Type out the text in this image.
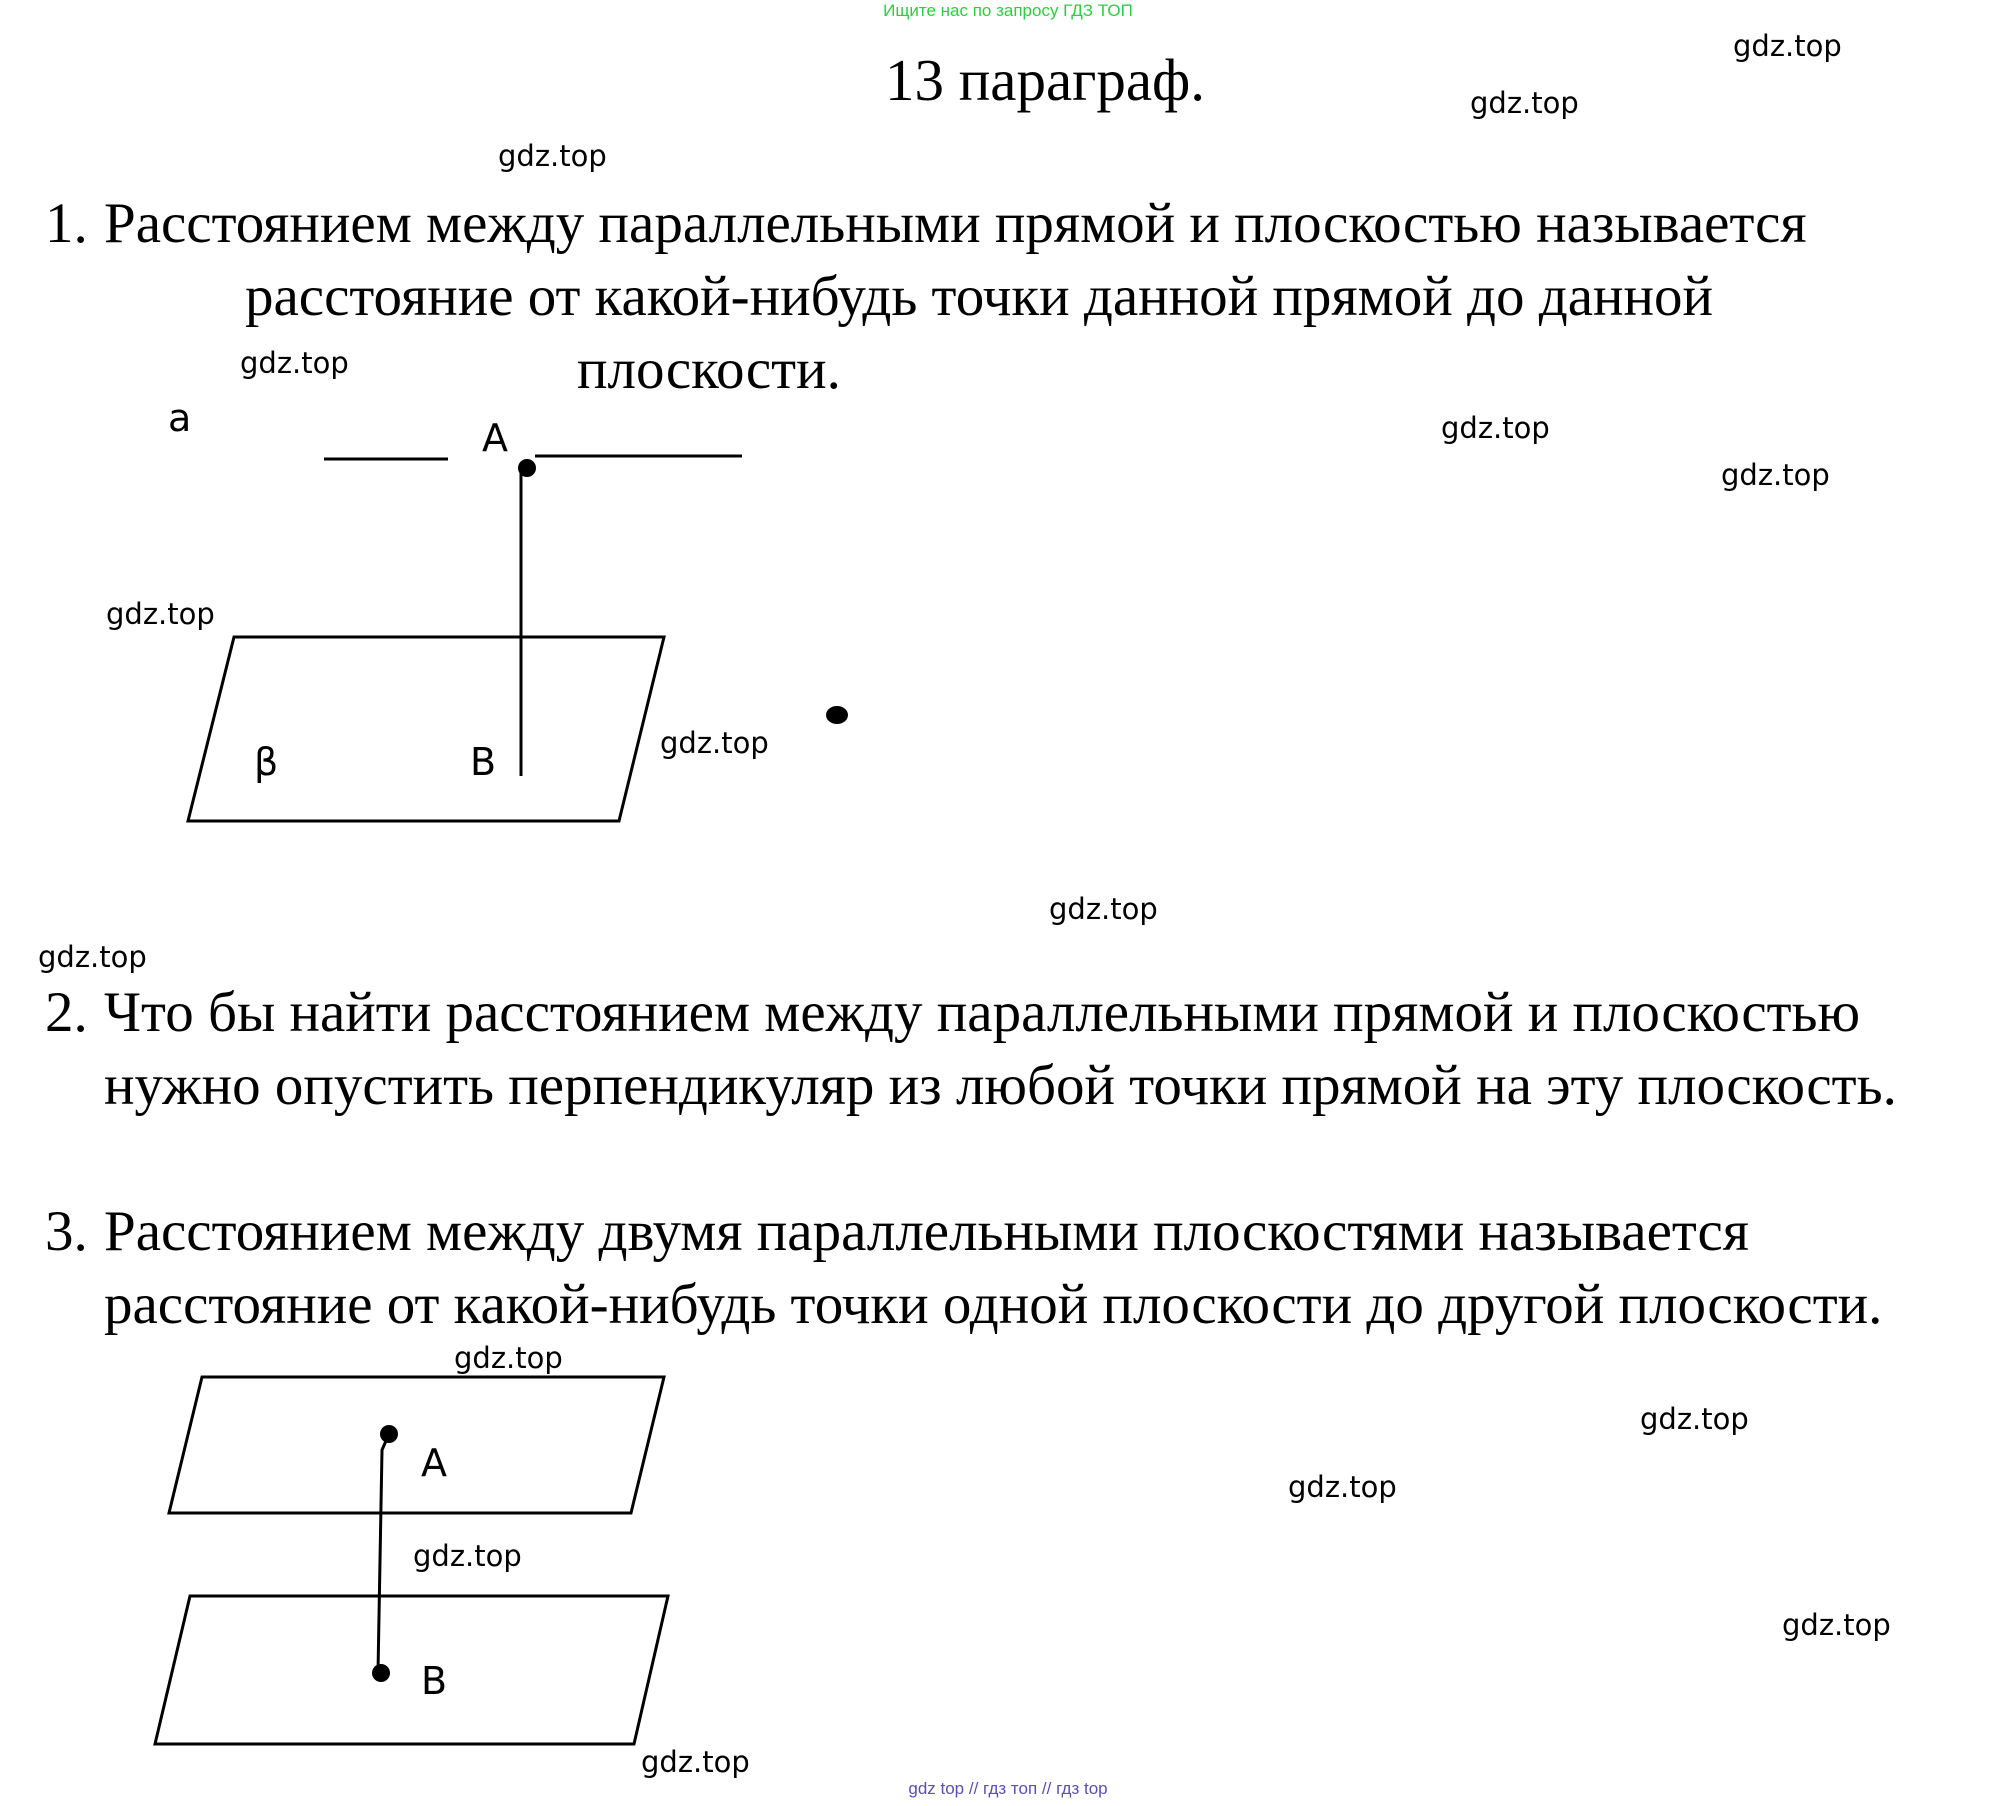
Ищите нас по запросу ГДЗ ТОП
13 параграф.
1. Расстоянием между параллельными прямой и плоскостью называется
расстояние от какой-нибудь точки данной прямой до данной
плоскости.
a	A
β	B
2. Что бы найти расстоянием между параллельными прямой и плоскостью
нужно опустить перпендикуляр из любой точки прямой на эту плоскость.
3. Расстоянием между двумя параллельными плоскостями называется
расстояние от какой-нибудь точки одной плоскости до другой плоскости.
A
B
gdz.top
gdz.top
gdz.top
gdz.top
gdz.top
gdz.top
gdz.top
gdz.top
gdz.top
gdz.top
gdz.top
gdz.top
gdz.top
gdz.top
gdz.top
gdz.top
gdz top // гдз топ // гдз top
